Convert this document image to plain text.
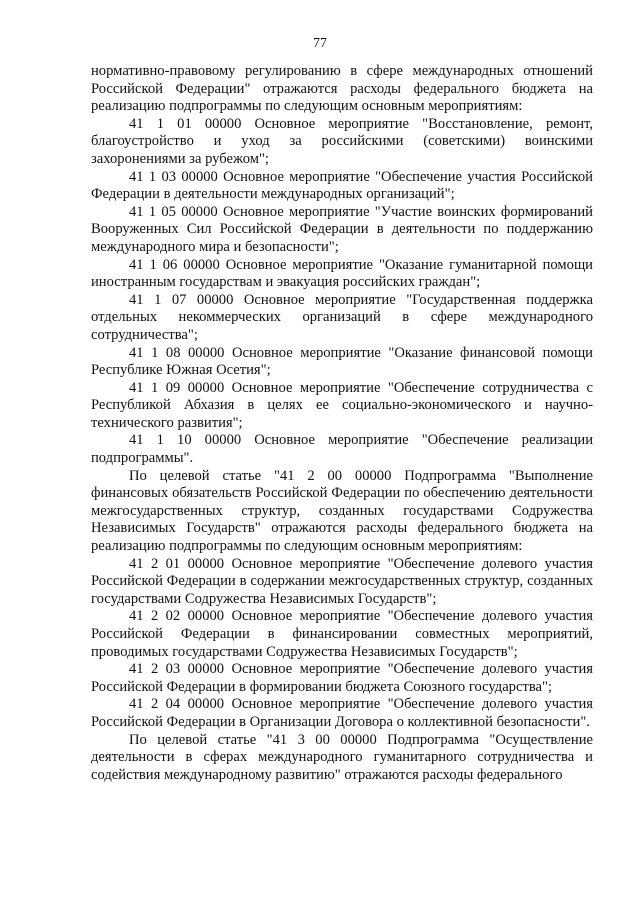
77

нормативно-правовому регулированию в сфере международных отношений Российской Федерации" отражаются расходы федерального бюджета на реализацию подпрограммы по следующим основным мероприятиям:

41 1 01 00000 Основное мероприятие "Восстановление, ремонт, благоустройство и уход за российскими (советскими) воинскими захоронениями за рубежом";

41 1 03 00000 Основное мероприятие "Обеспечение участия Российской Федерации в деятельности международных организаций";

41 1 05 00000 Основное мероприятие "Участие воинских формирований Вооруженных Сил Российской Федерации в деятельности по поддержанию международного мира и безопасности";

41 1 06 00000 Основное мероприятие "Оказание гуманитарной помощи иностранным государствам и эвакуация российских граждан";

41 1 07 00000 Основное мероприятие "Государственная поддержка отдельных некоммерческих организаций в сфере международного сотрудничества";

41 1 08 00000 Основное мероприятие "Оказание финансовой помощи Республике Южная Осетия";

41 1 09 00000 Основное мероприятие "Обеспечение сотрудничества с Республикой Абхазия в целях ее социально-экономического и научно-технического развития";

41 1 10 00000 Основное мероприятие "Обеспечение реализации подпрограммы".

По целевой статье "41 2 00 00000 Подпрограмма "Выполнение финансовых обязательств Российской Федерации по обеспечению деятельности межгосударственных структур, созданных государствами Содружества Независимых Государств" отражаются расходы федерального бюджета на реализацию подпрограммы по следующим основным мероприятиям:

41 2 01 00000 Основное мероприятие "Обеспечение долевого участия Российской Федерации в содержании межгосударственных структур, созданных государствами Содружества Независимых Государств";

41 2 02 00000 Основное мероприятие "Обеспечение долевого участия Российской Федерации в финансировании совместных мероприятий, проводимых государствами Содружества Независимых Государств";

41 2 03 00000 Основное мероприятие "Обеспечение долевого участия Российской Федерации в формировании бюджета Союзного государства";

41 2 04 00000 Основное мероприятие "Обеспечение долевого участия Российской Федерации в Организации Договора о коллективной безопасности".

По целевой статье "41 3 00 00000 Подпрограмма "Осуществление деятельности в сферах международного гуманитарного сотрудничества и содействия международному развитию" отражаются расходы федерального
